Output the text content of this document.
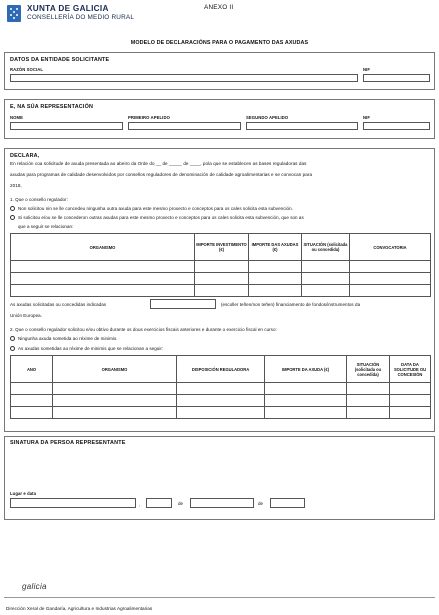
XUNTA DE GALICIA
CONSELLERÍA DO MEDIO RURAL
ANEXO II
MODELO DE DECLARACIÓNS PARA O PAGAMENTO DAS AXUDAS
DATOS DA ENTIDADE SOLICITANTE
RAZÓN SOCIAL	NIF
E, NA SÚA REPRESENTACIÓN
NOME	PRIMEIRO APELIDO	SEGUNDO APELIDO	NIF
DECLARA,
En relación coa solicitude de axuda presentada ao abeiro da Orde do __ de _____ de ____, pola que se establecen as bases reguladoras das
axudas para programas de calidade desenvolvidos por consellos reguladores de denominación de calidade agroalimentarias e se convocan para
2018,
1. Que o consello regulador:
Non solicitou nin se lle concedeu ningunha outra axuda para este mesmo proxecto e conceptos para os cales solicita esta subvención.
Si solicitou e/ou se lle concederon outras axudas para este mesmo proxecto e conceptos para os cales solicita esta subvención, que son as
que a seguir se relacionan:
ORGANISMO	IMPORTE INVESTIMENTO (€)	IMPORTE DAS AXUDAS (€)	SITUACIÓN (solicitada ou concedida)	CONVOCATORIA

As axudas solicitadas ou concedidas indicadas	(escoller teñen/non teñen) financiamento de fondos/instrumentos da
Unión Europea.
2. Que o consello regulador solicitou e/ou obtivo durante os dous exercicios fiscais anteriores e durante o exercicio fiscal en curso:
Ningunha axuda sometida ao réxime de minimis.
As axudas sometidas ao réxime de minimis que se relacionan a seguir:
ANO	ORGANISMO	DISPOSICIÓN REGULADORA	IMPORTE DA AXUDA (€)	SITUACIÓN (solicitada ou concedida)	DATA DA SOLICITUDE OU CONCESIÓN

SINATURA DA PERSOA REPRESENTANTE
Lugar e data
,	de	de
galicia
Dirección Xeral de Gandaría, Agricultura e Industrias Agroalimentarias
